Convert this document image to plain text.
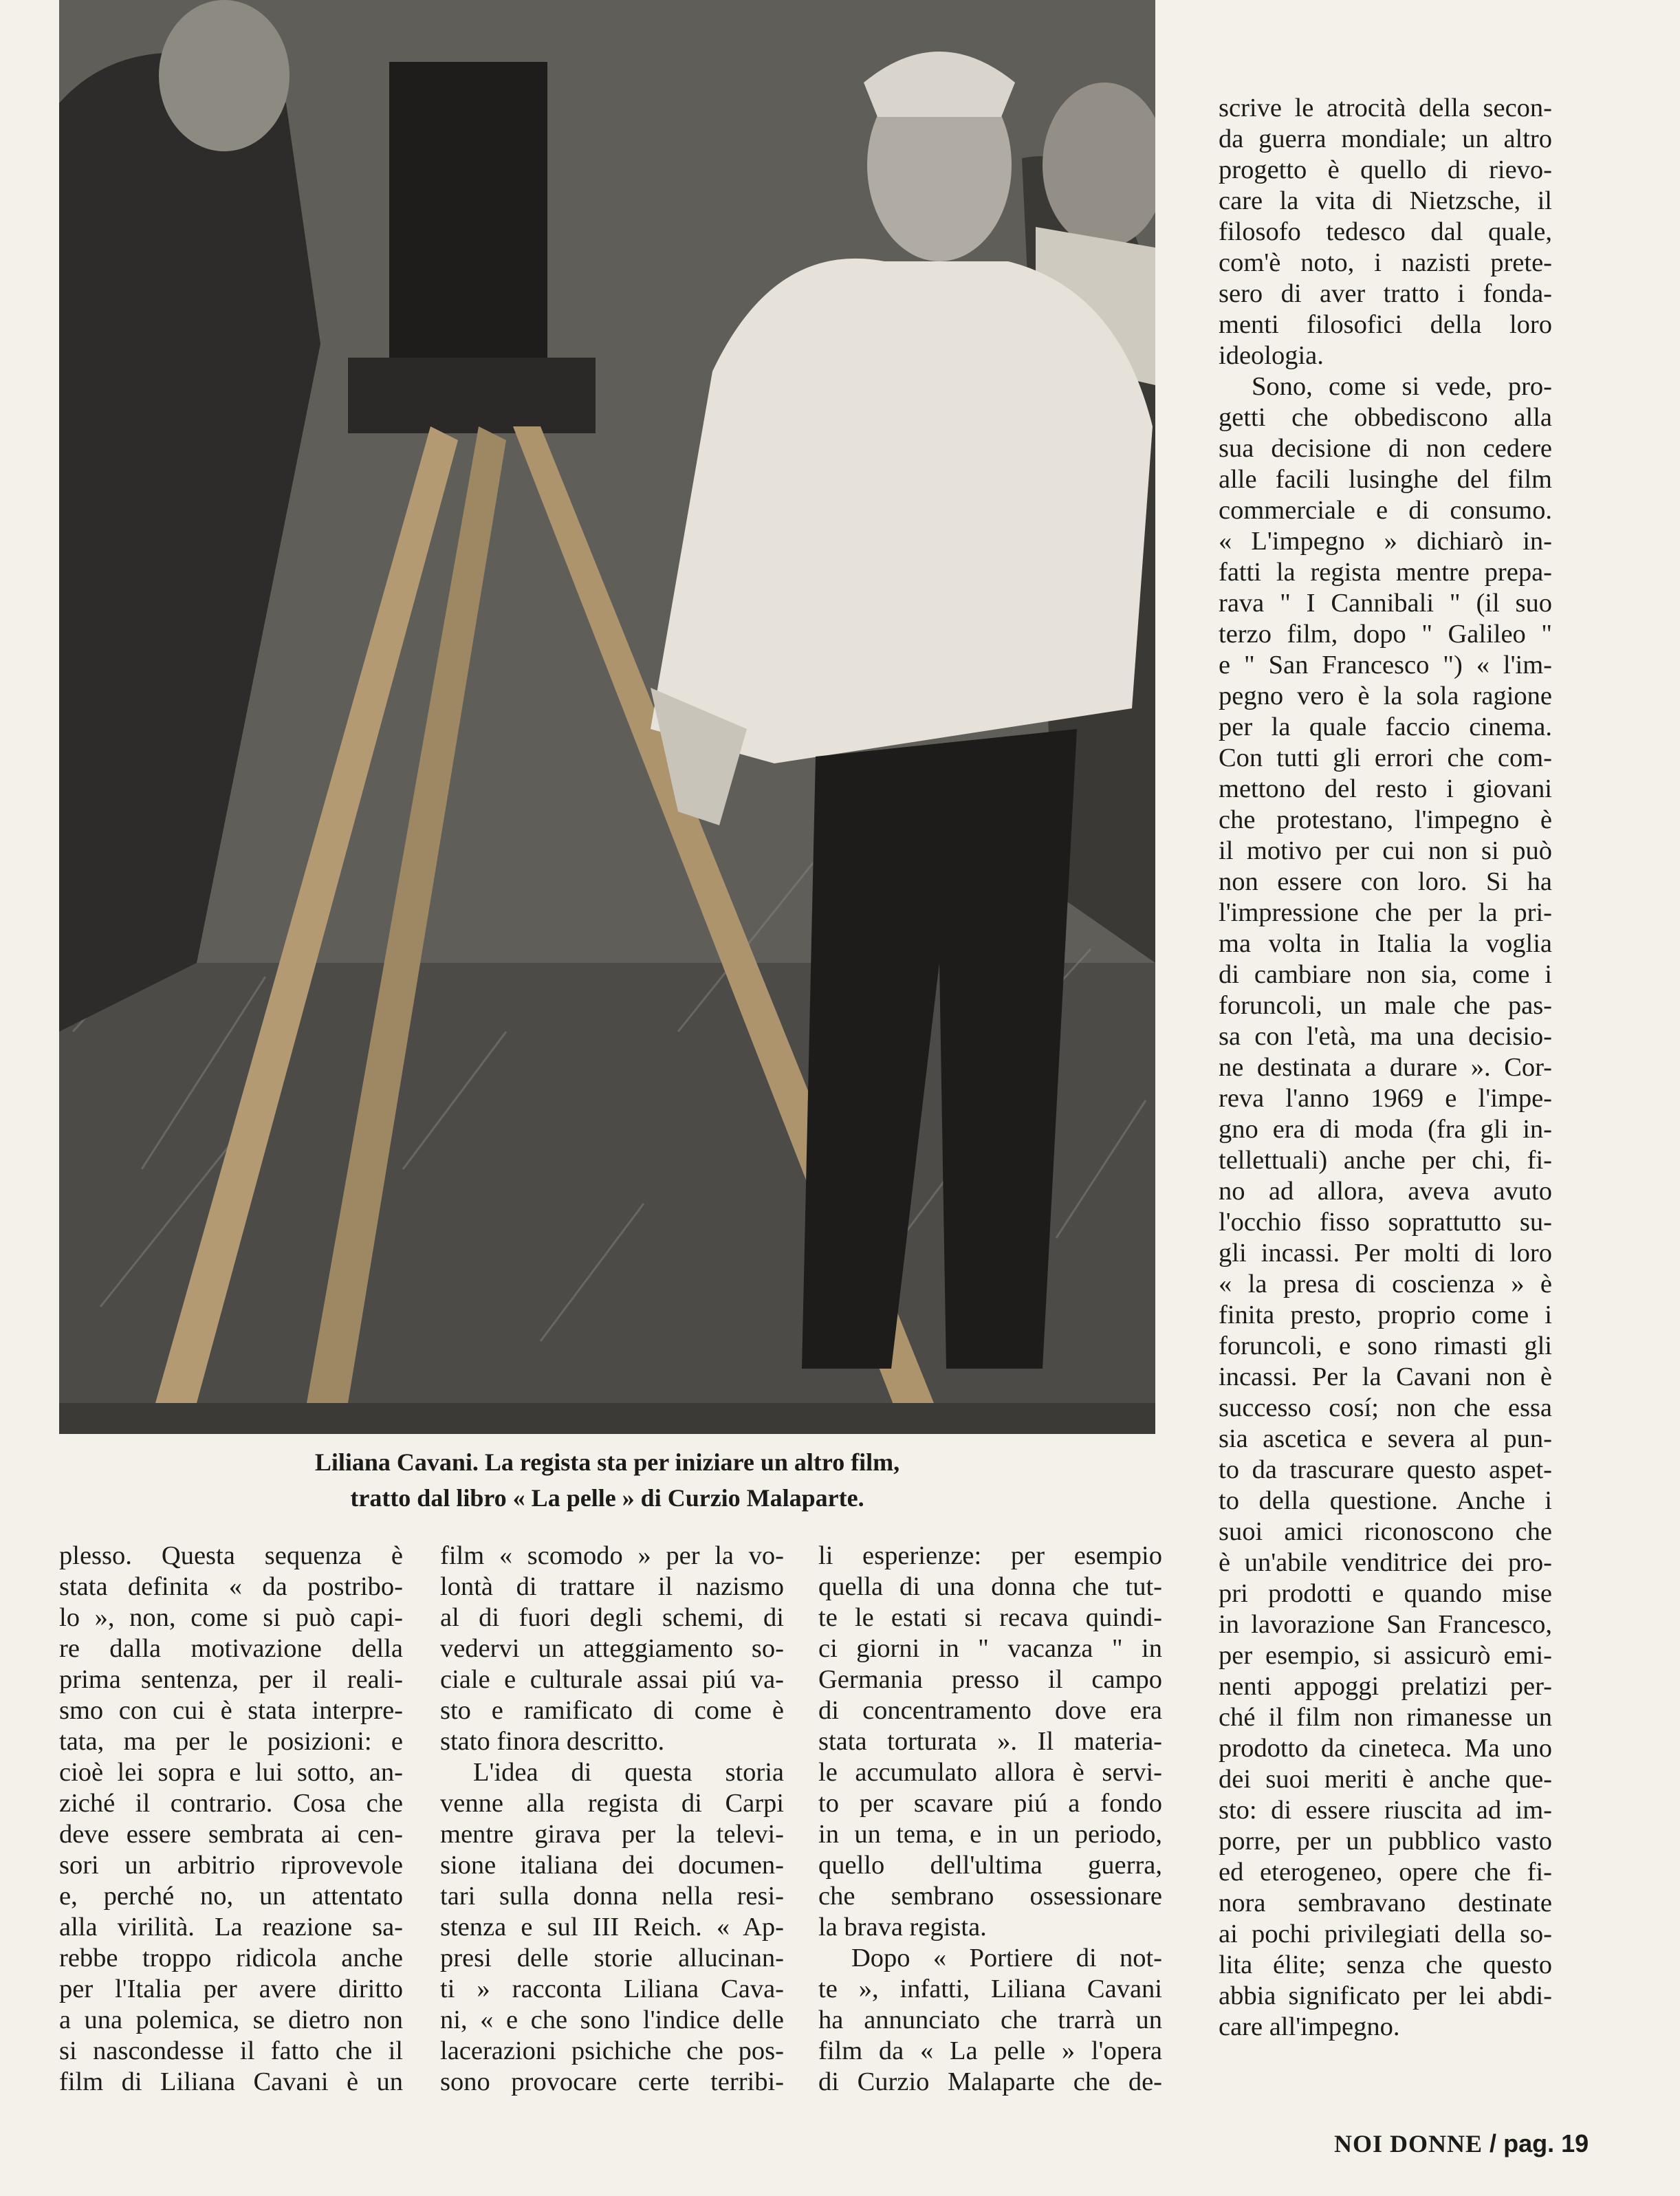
Liliana Cavani. La regista sta per iniziare un altro film,
tratto dal libro « La pelle » di Curzio Malaparte.
plesso. Questa sequenza è
stata definita « da postribo-
lo », non, come si può capi-
re dalla motivazione della
prima sentenza, per il reali-
smo con cui è stata interpre-
tata, ma per le posizioni: e
cioè lei sopra e lui sotto, an-
ziché il contrario. Cosa che
deve essere sembrata ai cen-
sori un arbitrio riprovevole
e, perché no, un attentato
alla virilità. La reazione sa-
rebbe troppo ridicola anche
per l'Italia per avere diritto
a una polemica, se dietro non
si nascondesse il fatto che il
film di Liliana Cavani è un
film « scomodo » per la vo-
lontà di trattare il nazismo
al di fuori degli schemi, di
vedervi un atteggiamento so-
ciale e culturale assai piú va-
sto e ramificato di come è
stato finora descritto.
L'idea di questa storia
venne alla regista di Carpi
mentre girava per la televi-
sione italiana dei documen-
tari sulla donna nella resi-
stenza e sul III Reich. « Ap-
presi delle storie allucinan-
ti » racconta Liliana Cava-
ni, « e che sono l'indice delle
lacerazioni psichiche che pos-
sono provocare certe terribi-
li esperienze: per esempio
quella di una donna che tut-
te le estati si recava quindi-
ci giorni in " vacanza " in
Germania presso il campo
di concentramento dove era
stata torturata ». Il materia-
le accumulato allora è servi-
to per scavare piú a fondo
in un tema, e in un periodo,
quello dell'ultima guerra,
che sembrano ossessionare
la brava regista.
Dopo « Portiere di not-
te », infatti, Liliana Cavani
ha annunciato che trarrà un
film da « La pelle » l'opera
di Curzio Malaparte che de-
scrive le atrocità della secon-
da guerra mondiale; un altro
progetto è quello di rievo-
care la vita di Nietzsche, il
filosofo tedesco dal quale,
com'è noto, i nazisti prete-
sero di aver tratto i fonda-
menti filosofici della loro
ideologia.
Sono, come si vede, pro-
getti che obbediscono alla
sua decisione di non cedere
alle facili lusinghe del film
commerciale e di consumo.
« L'impegno » dichiarò in-
fatti la regista mentre prepa-
rava " I Cannibali " (il suo
terzo film, dopo " Galileo "
e " San Francesco ") « l'im-
pegno vero è la sola ragione
per la quale faccio cinema.
Con tutti gli errori che com-
mettono del resto i giovani
che protestano, l'impegno è
il motivo per cui non si può
non essere con loro. Si ha
l'impressione che per la pri-
ma volta in Italia la voglia
di cambiare non sia, come i
foruncoli, un male che pas-
sa con l'età, ma una decisio-
ne destinata a durare ». Cor-
reva l'anno 1969 e l'impe-
gno era di moda (fra gli in-
tellettuali) anche per chi, fi-
no ad allora, aveva avuto
l'occhio fisso soprattutto su-
gli incassi. Per molti di loro
« la presa di coscienza » è
finita presto, proprio come i
foruncoli, e sono rimasti gli
incassi. Per la Cavani non è
successo cosí; non che essa
sia ascetica e severa al pun-
to da trascurare questo aspet-
to della questione. Anche i
suoi amici riconoscono che
è un'abile venditrice dei pro-
pri prodotti e quando mise
in lavorazione San Francesco,
per esempio, si assicurò emi-
nenti appoggi prelatizi per-
ché il film non rimanesse un
prodotto da cineteca. Ma uno
dei suoi meriti è anche que-
sto: di essere riuscita ad im-
porre, per un pubblico vasto
ed eterogeneo, opere che fi-
nora sembravano destinate
ai pochi privilegiati della so-
lita élite; senza che questo
abbia significato per lei abdi-
care all'impegno.
NOI DONNE / pag. 19
